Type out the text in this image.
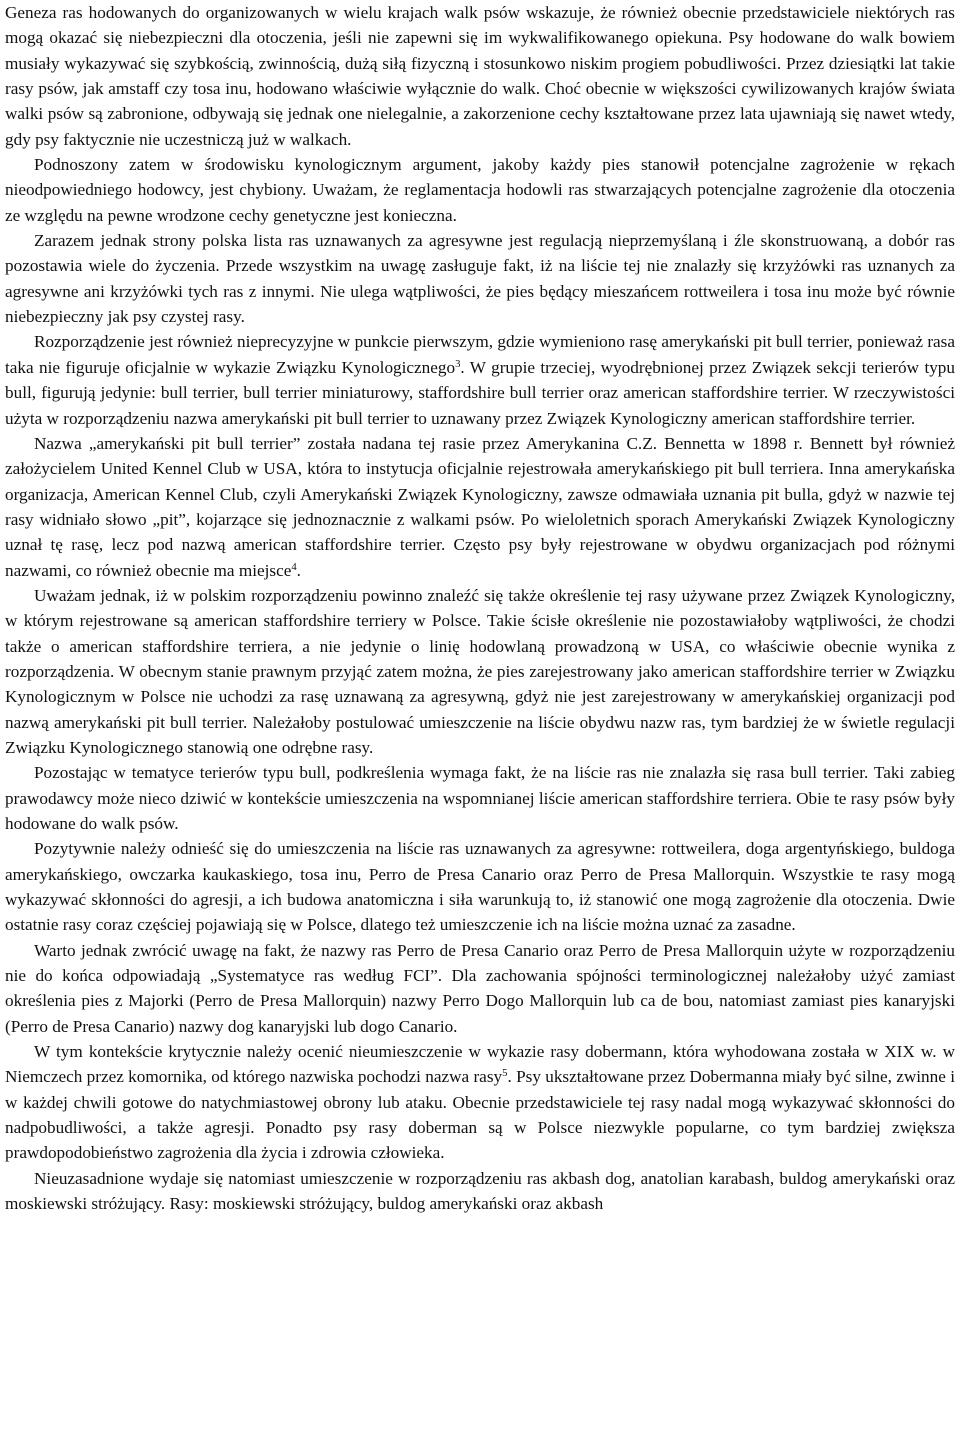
Geneza ras hodowanych do organizowanych w wielu krajach walk psów wskazuje, że również obecnie przedstawiciele niektórych ras mogą okazać się niebezpieczni dla otoczenia, jeśli nie zapewni się im wykwalifikowanego opiekuna. Psy hodowane do walk bowiem musiały wykazywać się szybkością, zwinnością, dużą siłą fizyczną i stosunkowo niskim progiem pobudliwości. Przez dziesiątki lat takie rasy psów, jak amstaff czy tosa inu, hodowano właściwie wyłącznie do walk. Choć obecnie w większości cywilizowanych krajów świata walki psów są zabronione, odbywają się jednak one nielegalnie, a zakorzenione cechy kształtowane przez lata ujawniają się nawet wtedy, gdy psy faktycznie nie uczestniczą już w walkach.

Podnoszony zatem w środowisku kynologicznym argument, jakoby każdy pies stanowił potencjalne zagrożenie w rękach nieodpowiedniego hodowcy, jest chybiony. Uważam, że reglamentacja hodowli ras stwarzających potencjalne zagrożenie dla otoczenia ze względu na pewne wrodzone cechy genetyczne jest konieczna.

Zarazem jednak strony polska lista ras uznawanych za agresywne jest regulacją nieprzemyślaną i źle skonstruowaną, a dobór ras pozostawia wiele do życzenia. Przede wszystkim na uwagę zasługuje fakt, iż na liście tej nie znalazły się krzyżówki ras uznanych za agresywne ani krzyżówki tych ras z innymi. Nie ulega wątpliwości, że pies będący mieszańcem rottweilera i tosa inu może być równie niebezpieczny jak psy czystej rasy.

Rozporządzenie jest również nieprecyzyjne w punkcie pierwszym, gdzie wymieniono rasę amerykański pit bull terrier, ponieważ rasa taka nie figuruje oficjalnie w wykazie Związku Kynologicznego$^3$. W grupie trzeciej, wyodrębnionej przez Związek sekcji terierów typu bull, figurują jedynie: bull terrier, bull terrier miniaturowy, staffordshire bull terrier oraz american staffordshire terrier. W rzeczywistości użyta w rozporządzeniu nazwa amerykański pit bull terrier to uznawany przez Związek Kynologiczny american staffordshire terrier.

Nazwa „amerykański pit bull terrier” została nadana tej rasie przez Amerykanina C.Z. Bennetta w 1898 r. Bennett był również założycielem United Kennel Club w USA, która to instytucja oficjalnie rejestrowała amerykańskiego pit bull terriera. Inna amerykańska organizacja, American Kennel Club, czyli Amerykański Związek Kynologiczny, zawsze odmawiała uznania pit bulla, gdyż w nazwie tej rasy widniało słowo „pit”, kojarzące się jednoznacznie z walkami psów. Po wieloletnich sporach Amerykański Związek Kynologiczny uznał tę rasę, lecz pod nazwą american staffordshire terrier. Często psy były rejestrowane w obydwu organizacjach pod różnymi nazwami, co również obecnie ma miejsce$^4$.

Uważam jednak, iż w polskim rozporządzeniu powinno znaleźć się także określenie tej rasy używane przez Związek Kynologiczny, w którym rejestrowane są american staffordshire terriery w Polsce. Takie ścisłe określenie nie pozostawiałoby wątpliwości, że chodzi także o american staffordshire terriera, a nie jedynie o linię hodowlaną prowadzoną w USA, co właściwie obecnie wynika z rozporządzenia. W obecnym stanie prawnym przyjąć zatem można, że pies zarejestrowany jako american staffordshire terrier w Związku Kynologicznym w Polsce nie uchodzi za rasę uznawaną za agresywną, gdyż nie jest zarejestrowany w amerykańskiej organizacji pod nazwą amerykański pit bull terrier. Należałoby postulować umieszczenie na liście obydwu nazw ras, tym bardziej że w świetle regulacji Związku Kynologicznego stanowią one odrębne rasy.

Pozostając w tematyce terierów typu bull, podkreślenia wymaga fakt, że na liście ras nie znalazła się rasa bull terrier. Taki zabieg prawodawcy może nieco dziwić w kontekście umieszczenia na wspomnianej liście american staffordshire terriera. Obie te rasy psów były hodowane do walk psów.

Pozytywnie należy odnieść się do umieszczenia na liście ras uznawanych za agresywne: rottweilera, doga argentyńskiego, buldoga amerykańskiego, owczarka kaukaskiego, tosa inu, Perro de Presa Canario oraz Perro de Presa Mallorquin. Wszystkie te rasy mogą wykazywać skłonności do agresji, a ich budowa anatomiczna i siła warunkują to, iż stanowić one mogą zagrożenie dla otoczenia. Dwie ostatnie rasy coraz częściej pojawiają się w Polsce, dlatego też umieszczenie ich na liście można uznać za zasadne.

Warto jednak zwrócić uwagę na fakt, że nazwy ras Perro de Presa Canario oraz Perro de Presa Mallorquin użyte w rozporządzeniu nie do końca odpowiadają „Systematyce ras według FCI”. Dla zachowania spójności terminologicznej należałoby użyć zamiast określenia pies z Majorki (Perro de Presa Mallorquin) nazwy Perro Dogo Mallorquin lub ca de bou, natomiast zamiast pies kanaryjski (Perro de Presa Canario) nazwy dog kanaryjski lub dogo Canario.

W tym kontekście krytycznie należy ocenić nieumieszczenie w wykazie rasy dobermann, która wyhodowana została w XIX w. w Niemczech przez komornika, od którego nazwiska pochodzi nazwa rasy$^5$. Psy ukształtowane przez Dobermanna miały być silne, zwinne i w każdej chwili gotowe do natychmiastowej obrony lub ataku. Obecnie przedstawiciele tej rasy nadal mogą wykazywać skłonności do nadpobudliwości, a także agresji. Ponadto psy rasy doberman są w Polsce niezwykle popularne, co tym bardziej zwiększa prawdopodobieństwo zagrożenia dla życia i zdrowia człowieka.

Nieuzasadnione wydaje się natomiast umieszczenie w rozporządzeniu ras akbash dog, anatolian karabash, buldog amerykański oraz moskiewski stróżujący. Rasy: moskiewski stróżujący, buldog amerykański oraz akbash
